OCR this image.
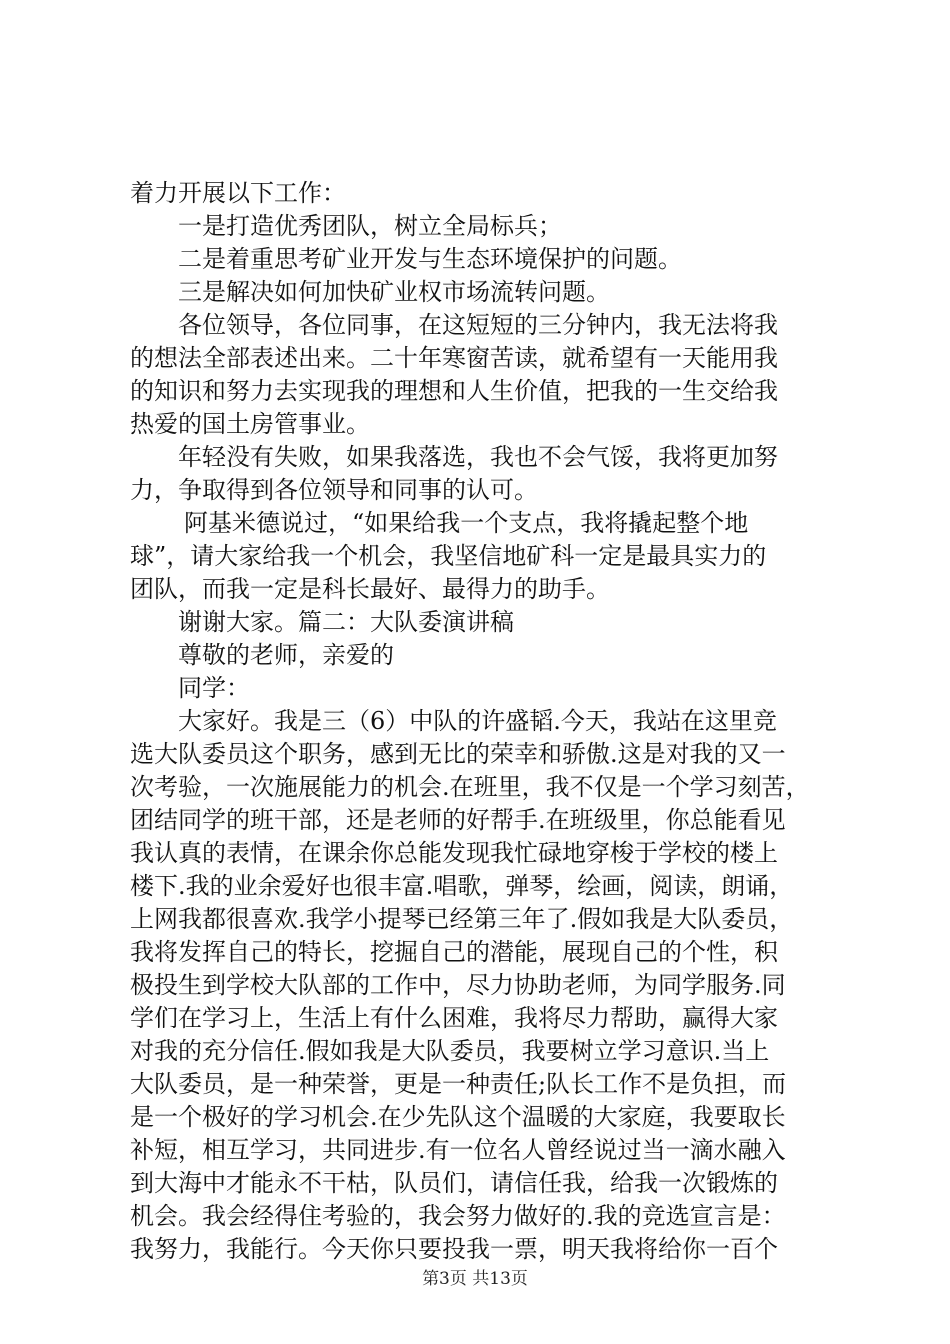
着力开展以下工作：
一是打造优秀团队，树立全局标兵；
二是着重思考矿业开发与生态环境保护的问题。
三是解决如何加快矿业权市场流转问题。
各位领导，各位同事，在这短短的三分钟内，我无法将我
的想法全部表述出来。二十年寒窗苦读，就希望有一天能用我
的知识和努力去实现我的理想和人生价值，把我的一生交给我
热爱的国土房管事业。
年轻没有失败，如果我落选，我也不会气馁，我将更加努
力，争取得到各位领导和同事的认可。
阿基米德说过，“如果给我一个支点，我将撬起整个地
球”，请大家给我一个机会，我坚信地矿科一定是最具实力的
团队，而我一定是科长最好、最得力的助手。
谢谢大家。篇二：大队委演讲稿
尊敬的老师，亲爱的
同学：
大家好。我是三（6）中队的许盛韬.今天，我站在这里竞
选大队委员这个职务，感到无比的荣幸和骄傲.这是对我的又一
次考验，一次施展能力的机会.在班里，我不仅是一个学习刻苦，
团结同学的班干部，还是老师的好帮手.在班级里，你总能看见
我认真的表情，在课余你总能发现我忙碌地穿梭于学校的楼上
楼下.我的业余爱好也很丰富.唱歌，弹琴，绘画，阅读，朗诵，
上网我都很喜欢.我学小提琴已经第三年了.假如我是大队委员，
我将发挥自己的特长，挖掘自己的潜能，展现自己的个性，积
极投生到学校大队部的工作中，尽力协助老师，为同学服务.同
学们在学习上，生活上有什么困难，我将尽力帮助，赢得大家
对我的充分信任.假如我是大队委员，我要树立学习意识.当上
大队委员，是一种荣誉，更是一种责任;队长工作不是负担，而
是一个极好的学习机会.在少先队这个温暖的大家庭，我要取长
补短，相互学习，共同进步.有一位名人曾经说过当一滴水融入
到大海中才能永不干枯，队员们，请信任我，给我一次锻炼的
机会。我会经得住考验的，我会努力做好的.我的竞选宣言是：
我努力，我能行。今天你只要投我一票，明天我将给你一百个
第3页 共13页
